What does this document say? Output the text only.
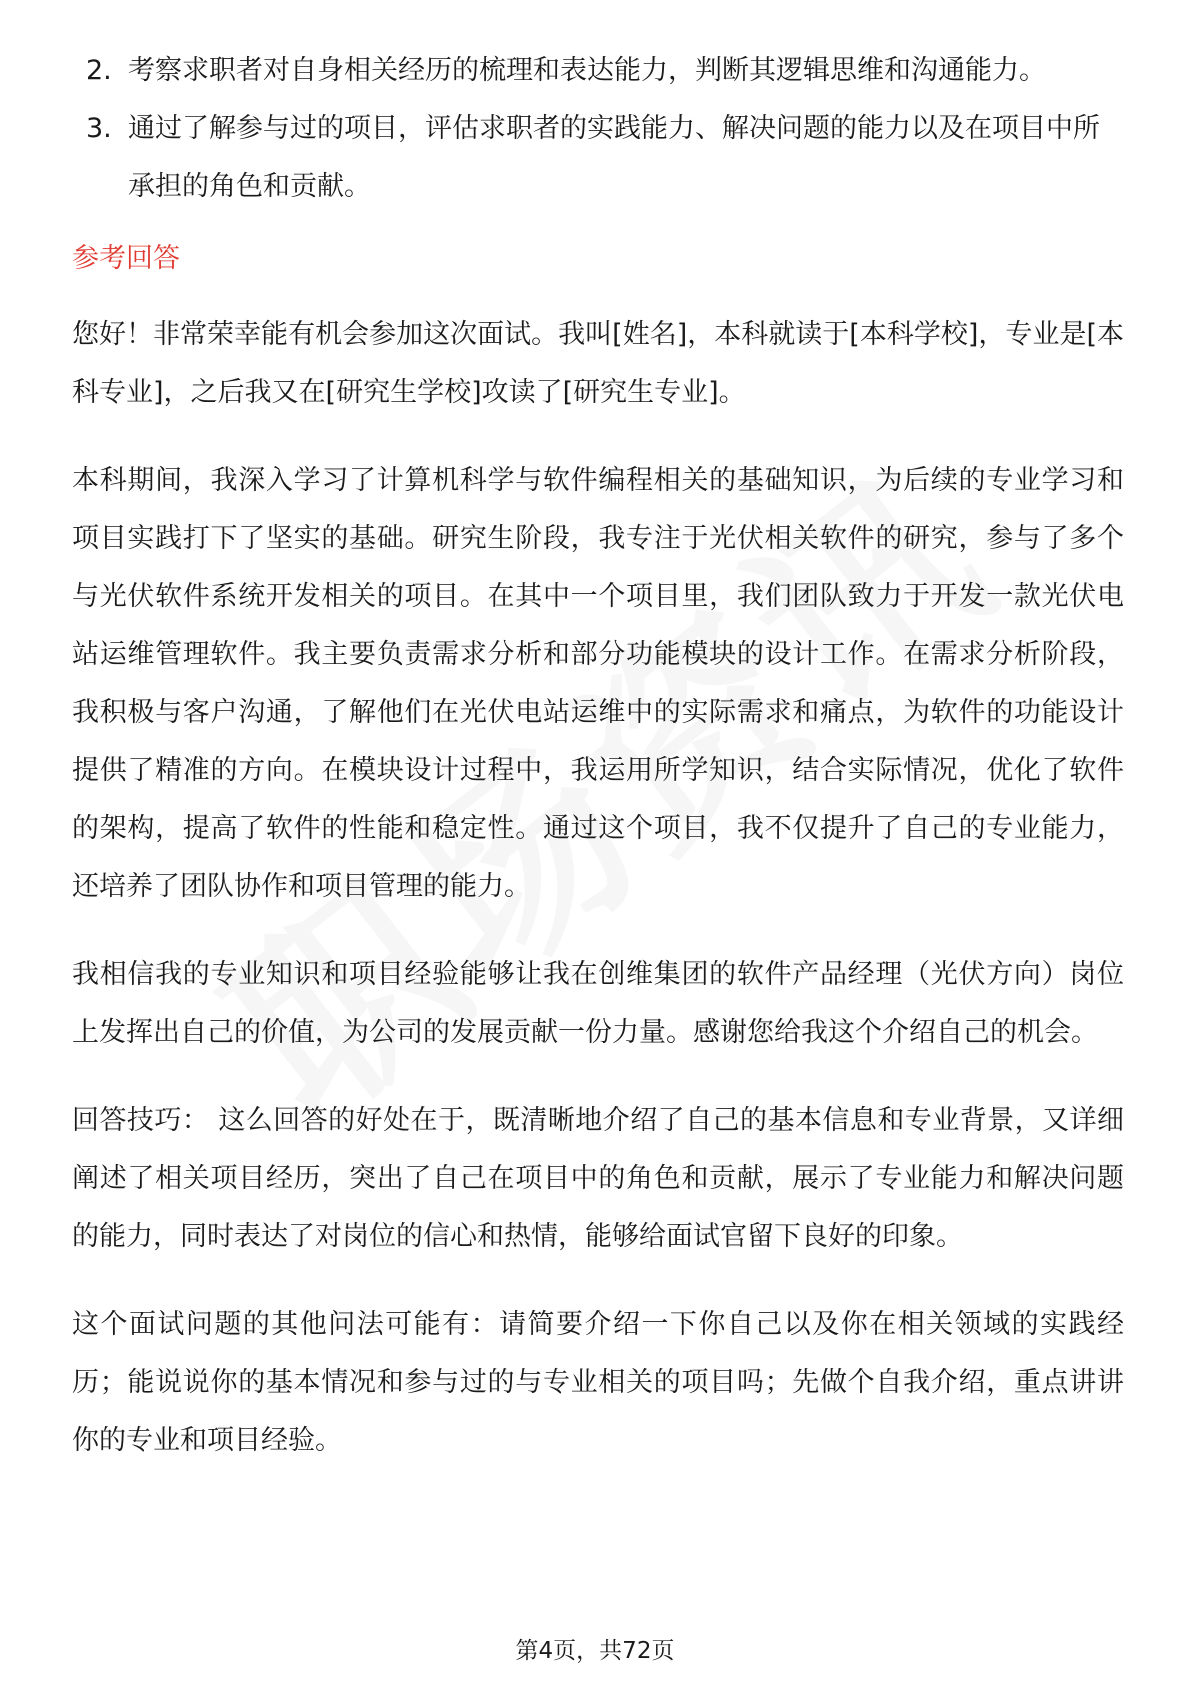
2. 考察求职者对自身相关经历的梳理和表达能力，判断其逻辑思维和沟通能力。
3. 通过了解参与过的项目，评估求职者的实践能力、解决问题的能力以及在项目中所承担的角色和贡献。
参考回答

您好！非常荣幸能有机会参加这次面试。我叫[姓名]，本科就读于[本科学校]，专业是[本科专业]，之后我又在[研究生学校]攻读了[研究生专业]。

本科期间，我深入学习了计算机科学与软件编程相关的基础知识，为后续的专业学习和项目实践打下了坚实的基础。研究生阶段，我专注于光伏相关软件的研究，参与了多个与光伏软件系统开发相关的项目。在其中一个项目里，我们团队致力于开发一款光伏电站运维管理软件。我主要负责需求分析和部分功能模块的设计工作。在需求分析阶段，我积极与客户沟通，了解他们在光伏电站运维中的实际需求和痛点，为软件的功能设计提供了精准的方向。在模块设计过程中，我运用所学知识，结合实际情况，优化了软件的架构，提高了软件的性能和稳定性。通过这个项目，我不仅提升了自己的专业能力，还培养了团队协作和项目管理的能力。

我相信我的专业知识和项目经验能够让我在创维集团的软件产品经理（光伏方向）岗位上发挥出自己的价值，为公司的发展贡献一份力量。感谢您给我这个介绍自己的机会。

回答技巧： 这么回答的好处在于，既清晰地介绍了自己的基本信息和专业背景，又详细阐述了相关项目经历，突出了自己在项目中的角色和贡献，展示了专业能力和解决问题的能力，同时表达了对岗位的信心和热情，能够给面试官留下良好的印象。

这个面试问题的其他问法可能有：请简要介绍一下你自己以及你在相关领域的实践经历；能说说你的基本情况和参与过的与专业相关的项目吗；先做个自我介绍，重点讲讲你的专业和项目经验。

第4页，共72页
